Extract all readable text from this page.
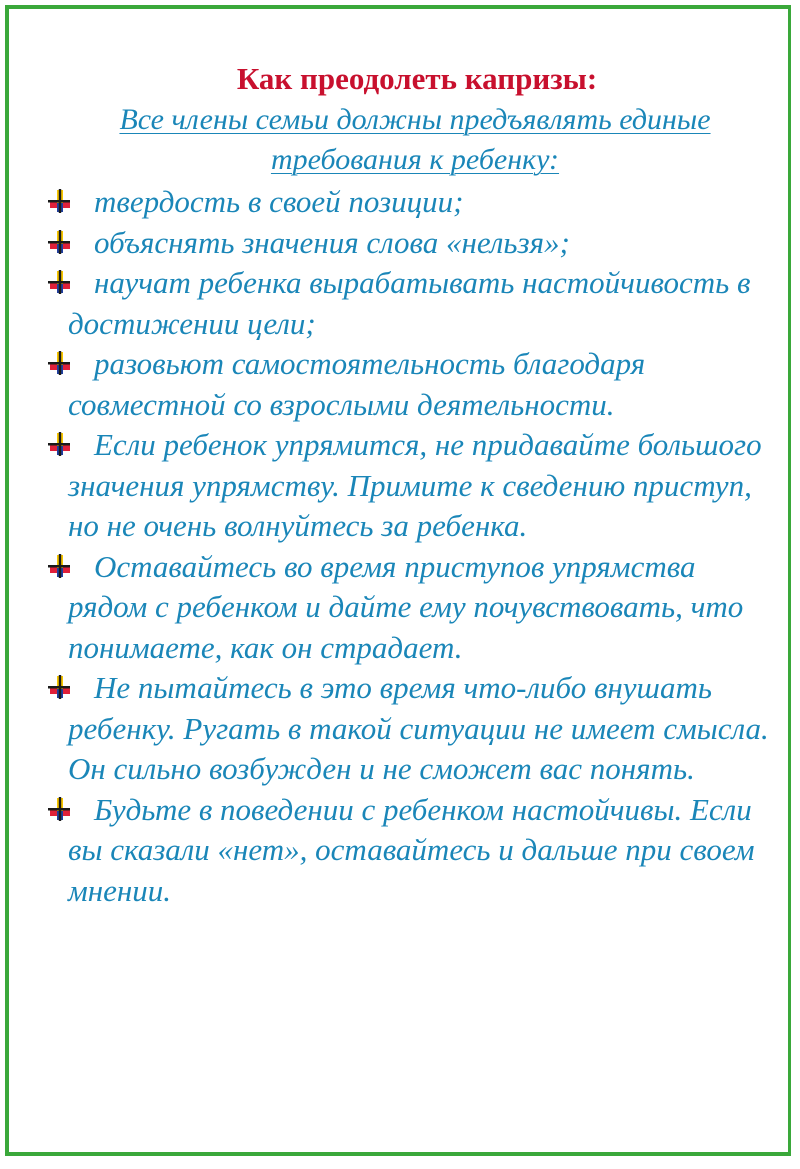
Как преодолеть капризы:

Все члены семьи должны предъявлять единые требования к ребенку:

твердость в своей позиции;
объяснять значения слова «нельзя»;
научат ребенка вырабатывать настойчивость в достижении цели;
разовьют самостоятельность благодаря совместной со взрослыми деятельности.
Если ребенок упрямится, не придавайте большого значения упрямству. Примите к сведению приступ, но не очень волнуйтесь за ребенка.
Оставайтесь во время приступов упрямства рядом с ребенком и дайте ему почувствовать, что понимаете, как он страдает.
Не пытайтесь в это время что-либо внушать ребенку. Ругать в такой ситуации не имеет смысла. Он сильно возбужден и не сможет вас понять.
Будьте в поведении с ребенком настойчивы. Если вы сказали «нет», оставайтесь и дальше при своем мнении.
